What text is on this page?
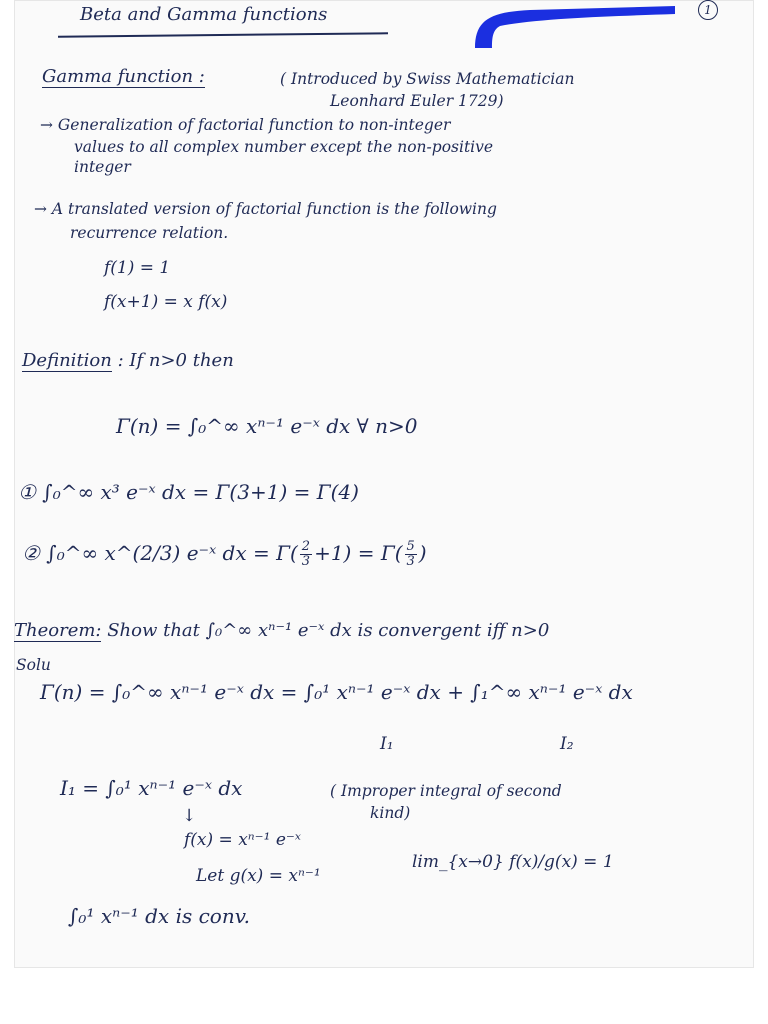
Beta and Gamma functions	1
Gamma function :	( Introduced by Swiss Mathematician
Leonhard Euler 1729)
→ Generalization of factorial function to non-integer
values to all complex number except the non-positive
integer
→ A translated version of factorial function is the following
recurrence relation.
f(1) = 1
f(x+1) = x f(x)
Definition : If n>0 then
Γ(n) = ∫₀^∞ xⁿ⁻¹ e⁻ˣ dx ∀ n>0
① ∫₀^∞ x³ e⁻ˣ dx = Γ(3+1) = Γ(4)
② ∫₀^∞ x^(2/3) e⁻ˣ dx = $\Gamma( \frac{2}{3} +1) = \Gamma( \frac{5}{3}$ )
Theorem: Show that ∫₀^∞ xⁿ⁻¹ e⁻ˣ dx is convergent iff n>0
Solu
Γ(n) = ∫₀^∞ xⁿ⁻¹ e⁻ˣ dx = ∫₀¹ xⁿ⁻¹ e⁻ˣ dx + ∫₁^∞ xⁿ⁻¹ e⁻ˣ dx
I₁	I₂
I₁ = ∫₀¹ xⁿ⁻¹ e⁻ˣ dx	( Improper integral of second
kind)
↓
f(x) = xⁿ⁻¹ e⁻ˣ
Let g(x) = xⁿ⁻¹
lim_{x→0} f(x)/g(x) = 1
∫₀¹ xⁿ⁻¹ dx is conv.
